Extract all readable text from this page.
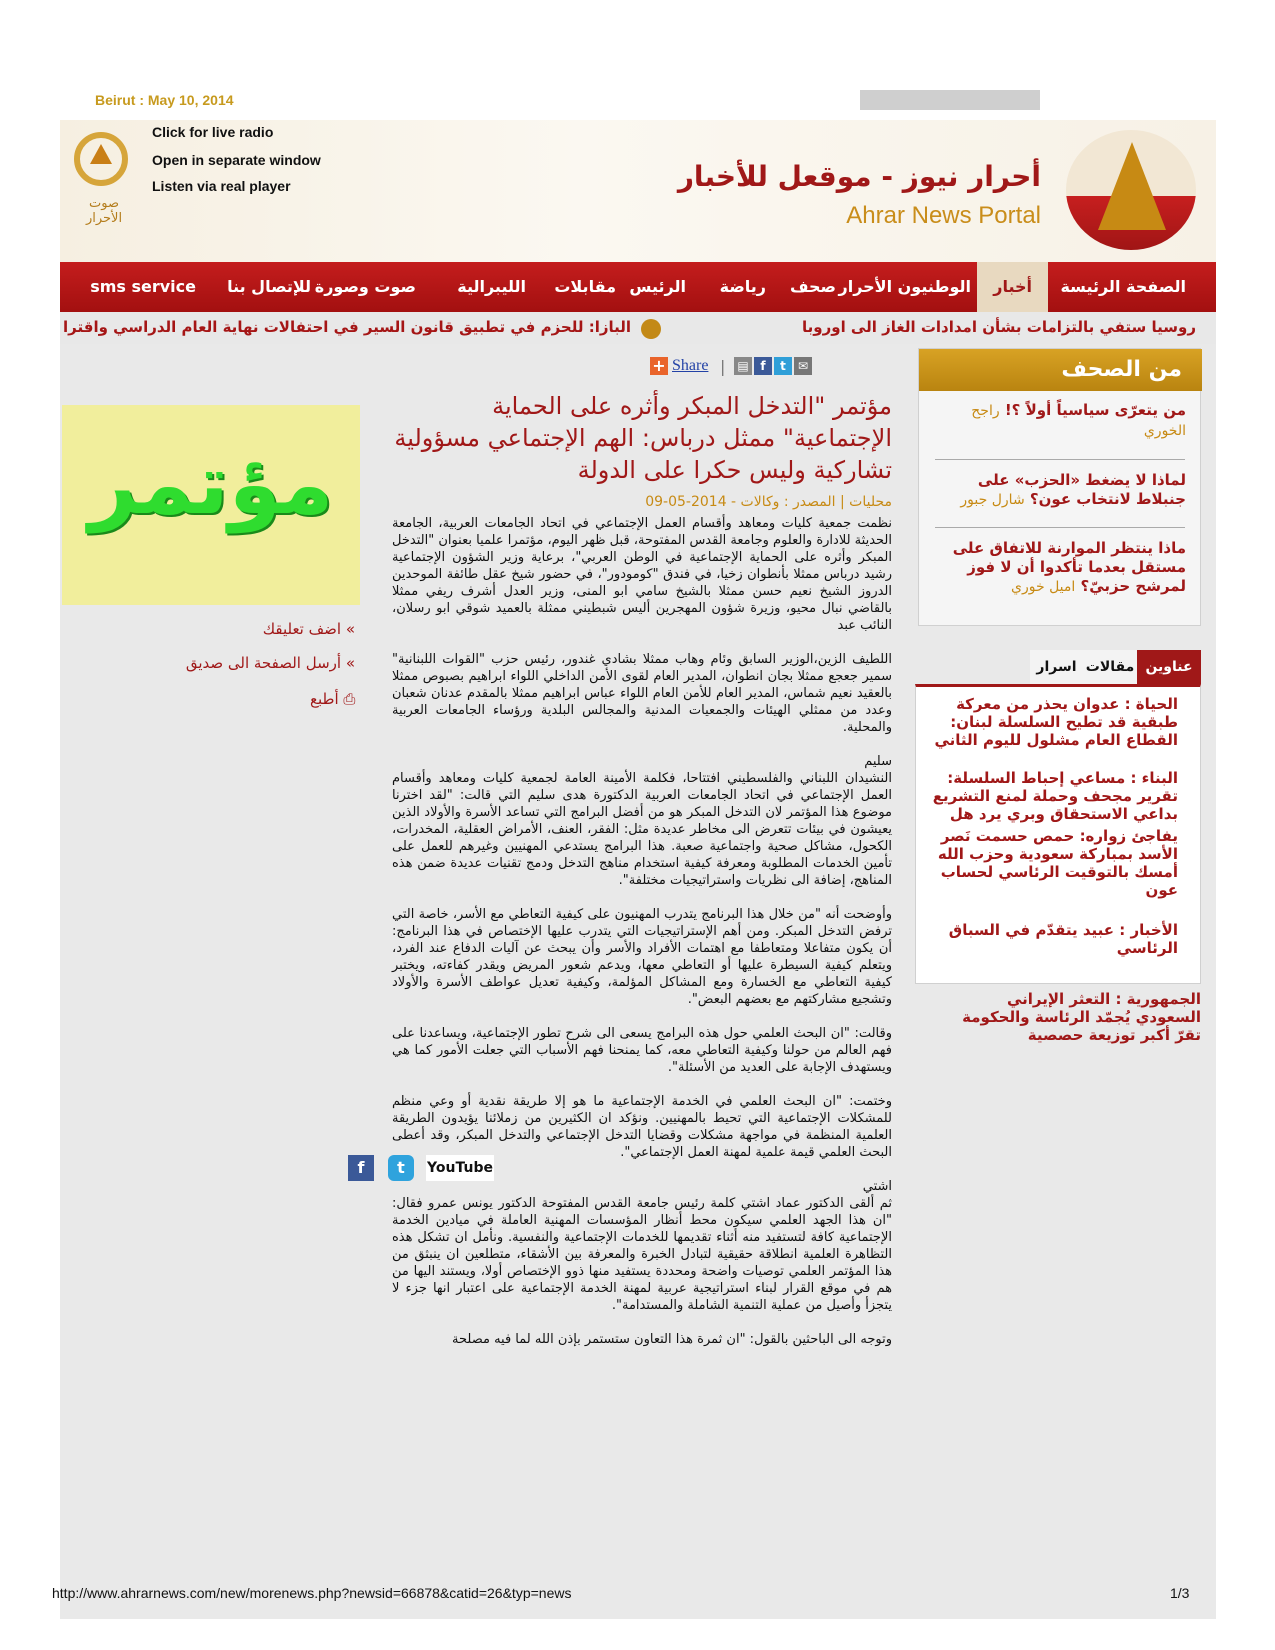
Beirut : May 10, 2014
صوت الأحرار
Click for live radio
Open in separate window
Listen via real player	أحرار نيوز - موقعل للأخبار
Ahrar News Portal
الصفحة الرئيسة
أخبار
الوطنيون الأحرار
صحف
رياضة
الرئيس
مقابلات
الليبرالية
صوت وصورة
للإتصال بنا
sms service
روسيا ستفي بالتزامات بشأن امدادات الغاز الى اوروبا
البازا: للحزم في تطبيق قانون السير في احتفالات نهاية العام الدراسي واقترا
+ Share | ▤ f	t	✉
مؤتمر "التدخل المبكر وأثره على الحماية الإجتماعية" ممثل درباس: الهم الإجتماعي مسؤولية تشاركية وليس حكرا على الدولة
محليات | المصدر : وكالات - 2014-05-09

نظمت جمعية كليات ومعاهد وأقسام العمل الإجتماعي في اتحاد الجامعات العربية، الجامعة الحديثة للادارة والعلوم وجامعة القدس المفتوحة، قبل ظهر اليوم، مؤتمرا علميا بعنوان "التدخل المبكر وأثره على الحماية الإجتماعية في الوطن العربي"، برعاية وزير الشؤون الإجتماعية رشيد درباس ممثلا بأنطوان زخيا، في فندق "كومودور"، في حضور شيخ عقل طائفة الموحدين الدروز الشيخ نعيم حسن ممثلا بالشيخ سامي ابو المنى، وزير العدل أشرف ريفي ممثلا بالقاضي نبال محيو، وزيرة شؤون المهجرين أليس شبطيني ممثلة بالعميد شوقي ابو رسلان، النائب عبد

اللطيف الزين،الوزير السابق وئام وهاب ممثلا بشادي غندور، رئيس حزب "القوات اللبنانية" سمير جعجع ممثلا بجان انطوان، المدير العام لقوى الأمن الداخلي اللواء ابراهيم بصبوص ممثلا بالعقيد نعيم شماس، المدير العام للأمن العام اللواء عباس ابراهيم ممثلا بالمقدم عدنان شعبان وعدد من ممثلي الهيئات والجمعيات المدنية والمجالس البلدية ورؤساء الجامعات العربية والمحلية.

سليم
النشيدان اللبناني والفلسطيني افتتاحا، فكلمة الأمينة العامة لجمعية كليات ومعاهد وأقسام العمل الإجتماعي في اتحاد الجامعات العربية الدكتورة هدى سليم التي قالت: "لقد اخترنا موضوع هذا المؤتمر لان التدخل المبكر هو من أفضل البرامج التي تساعد الأسرة والأولاد الذين يعيشون في بيئات تتعرض الى مخاطر عديدة مثل: الفقر، العنف، الأمراض العقلية، المخدرات، الكحول، مشاكل صحية واجتماعية صعبة. هذا البرامج يستدعي المهنيين وغيرهم للعمل على تأمين الخدمات المطلوبة ومعرفة كيفية استخدام مناهج التدخل ودمج تقنيات عديدة ضمن هذه المناهج، إضافة الى نظريات واستراتيجيات مختلفة".

وأوضحت أنه "من خلال هذا البرنامج يتدرب المهنيون على كيفية التعاطي مع الأسر، خاصة التي ترفض التدخل المبكر. ومن أهم الإستراتيجيات التي يتدرب عليها الإختصاص في هذا البرنامج: أن يكون متفاعلا ومتعاطفا مع اهتمات الأفراد والأسر وأن يبحث عن آليات الدفاع عند الفرد، ويتعلم كيفية السيطرة عليها أو التعاطي معها، ويدعم شعور المريض ويقدر كفاءته، ويختبر كيفية التعاطي مع الخسارة ومع المشاكل المؤلمة، وكيفية تعديل عواطف الأسرة والأولاد وتشجيع مشاركتهم مع بعضهم البعض".

وقالت: "ان البحث العلمي حول هذه البرامج يسعى الى شرح تطور الإجتماعية، ويساعدنا على فهم العالم من حولنا وكيفية التعاطي معه، كما يمنحنا فهم الأسباب التي جعلت الأمور كما هي ويستهدف الإجابة على العديد من الأسئلة".

وختمت: "ان البحث العلمي في الخدمة الإجتماعية ما هو إلا طريقة نقدية أو وعي منظم للمشكلات الإجتماعية التي تحيط بالمهنيين. ونؤكد ان الكثيرين من زملائنا يؤيدون الطريقة العلمية المنظمة في مواجهة مشكلات وقضايا التدخل الإجتماعي والتدخل المبكر، وقد أعطى البحث العلمي قيمة علمية لمهنة العمل الإجتماعي".

اشتي
ثم ألقى الدكتور عماد اشتي كلمة رئيس جامعة القدس المفتوحة الدكتور يونس عمرو فقال: "ان هذا الجهد العلمي سيكون محط أنظار المؤسسات المهنية العاملة في ميادين الخدمة الإجتماعية كافة لتستفيد منه أثناء تقديمها للخدمات الإجتماعية والنفسية. ونأمل ان تشكل هذه التظاهرة العلمية انطلاقة حقيقية لتبادل الخبرة والمعرفة بين الأشقاء، متطلعين ان ينبثق من هذا المؤتمر العلمي توصيات واضحة ومحددة يستفيد منها ذوو الإختصاص أولا، ويستند اليها من هم في موقع القرار لبناء استراتيجية عربية لمهنة الخدمة الإجتماعية على اعتبار انها جزء لا يتجزأ وأصيل من عملية التنمية الشاملة والمستدامة".

وتوجه الى الباحثين بالقول: "ان ثمرة هذا التعاون ستستمر بإذن الله لما فيه مصلحة

مؤتمر
» اضف تعليقك
» أرسل الصفحة الى صديق
أطبع ⎙
f	t	YouTube
من الصحف
من يتعرّى سياسياً أولاً ؟! راجح الخوري
لماذا لا يضغط «الحزب» على جنبلاط لانتخاب عون؟ شارل جبور
ماذا ينتظر الموارنة للاتفاق على مستقل بعدما تأكدوا أن لا فوز لمرشح حزبيّ؟ اميل خوري
عناوين
مقالات
اسرار
الحياة : عدوان يحذر من معركة طبقية قد تطيح السلسلة لبنان: القطاع العام مشلول لليوم الثاني
البناء : مساعي إحباط السلسلة: تقرير مجحف وحملة لمنع التشريع بداعي الاستحقاق وبري يرد هل
يفاجئ زواره: حمص حسمت نَصر الأسد بمباركة سعودية وحزب الله أمسك بالتوقيت الرئاسي لحساب عون
الأخبار : عبيد يتقدّم في السباق الرئاسي
الجمهورية : التعثر الإيراني السعودي يُجمّد الرئاسة والحكومة تقرّ أكبر توزيعة حصصية
http://www.ahrarnews.com/new/morenews.php?newsid=66878&catid=26&typ=news	1/3
